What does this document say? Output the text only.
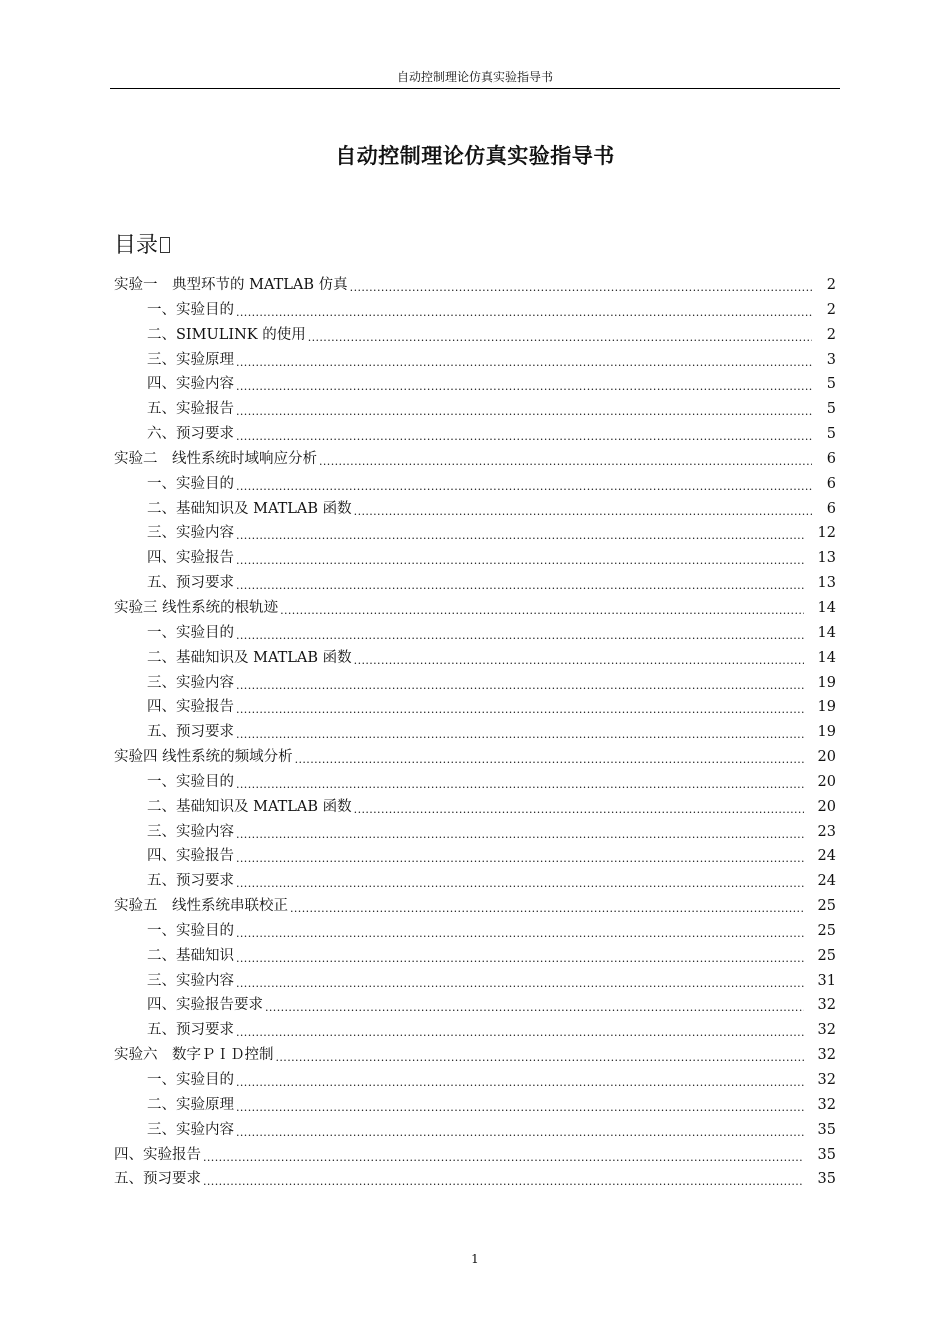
自动控制理论仿真实验指导书
自动控制理论仿真实验指导书
目录
实验一　典型环节的 MATLAB 仿真 .....	2
一、实验目的 .....	2
二、SIMULINK 的使用 .....	2
三、实验原理 .....	3
四、实验内容 .....	5
五、实验报告 .....	5
六、预习要求 .....	5
实验二　线性系统时域响应分析 .....	6
一、实验目的 .....	6
二、基础知识及 MATLAB 函数 .....	6
三、实验内容 .....	12
四、实验报告 .....	13
五、预习要求 .....	13
实验三 线性系统的根轨迹 .....	14
一、实验目的 .....	14
二、基础知识及 MATLAB 函数 .....	14
三、实验内容 .....	19
四、实验报告 .....	19
五、预习要求 .....	19
实验四 线性系统的频域分析 .....	20
一、实验目的 .....	20
二、基础知识及 MATLAB 函数 .....	20
三、实验内容 .....	23
四、实验报告 .....	24
五、预习要求 .....	24
实验五　线性系统串联校正 .....	25
一、实验目的 .....	25
二、基础知识 .....	25
三、实验内容 .....	31
四、实验报告要求 .....	32
五、预习要求 .....	32
实验六　数字ＰＩＤ控制 .....	32
一、实验目的 .....	32
二、实验原理 .....	32
三、实验内容 .....	35
四、实验报告 .....	35
五、预习要求 .....	35
1
